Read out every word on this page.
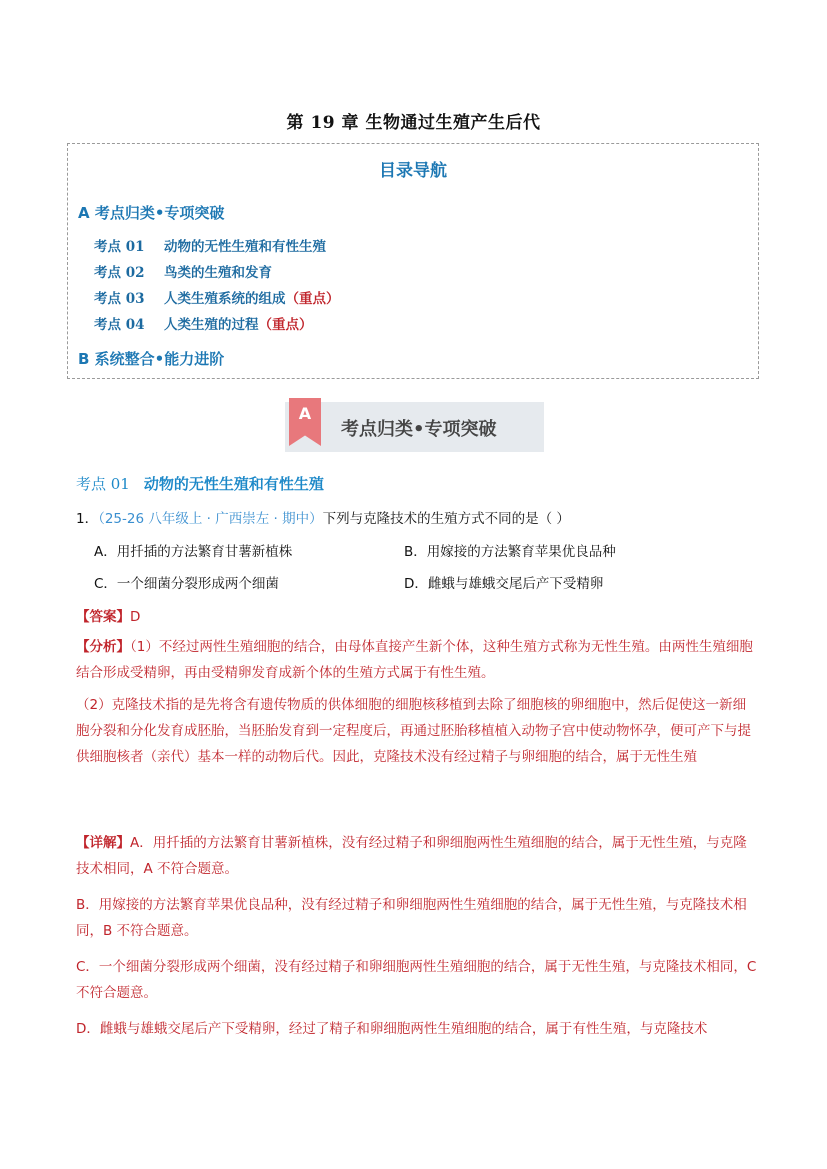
第 19 章 生物通过生殖产生后代
目录导航
A 考点归类•专项突破
考点 01 动物的无性生殖和有性生殖
考点 02 鸟类的生殖和发育
考点 03 人类生殖系统的组成（重点）
考点 04 人类生殖的过程（重点）
B 系统整合•能力进阶
A
考点归类•专项突破
考点 01 动物的无性生殖和有性生殖
1．（25-26 八年级上 · 广西崇左 · 期中）下列与克隆技术的生殖方式不同的是（ ）
A．用扦插的方法繁育甘薯新植株	B．用嫁接的方法繁育苹果优良品种
C．一个细菌分裂形成两个细菌	D．雌蛾与雄蛾交尾后产下受精卵
【答案】D

【分析】（1）不经过两性生殖细胞的结合，由母体直接产生新个体，这种生殖方式称为无性生殖。由两性生殖细胞结合形成受精卵，再由受精卵发育成新个体的生殖方式属于有性生殖。

（2）克隆技术指的是先将含有遗传物质的供体细胞的细胞核移植到去除了细胞核的卵细胞中，然后促使这一新细胞分裂和分化发育成胚胎，当胚胎发育到一定程度后，再通过胚胎移植植入动物子宫中使动物怀孕，便可产下与提供细胞核者（亲代）基本一样的动物后代。因此，克隆技术没有经过精子与卵细胞的结合，属于无性生殖

【详解】A．用扦插的方法繁育甘薯新植株，没有经过精子和卵细胞两性生殖细胞的结合，属于无性生殖，与克隆技术相同，A 不符合题意。

B．用嫁接的方法繁育苹果优良品种，没有经过精子和卵细胞两性生殖细胞的结合，属于无性生殖，与克隆技术相同，B 不符合题意。

C．一个细菌分裂形成两个细菌，没有经过精子和卵细胞两性生殖细胞的结合，属于无性生殖，与克隆技术相同，C 不符合题意。

D．雌蛾与雄蛾交尾后产下受精卵，经过了精子和卵细胞两性生殖细胞的结合，属于有性生殖，与克隆技术
